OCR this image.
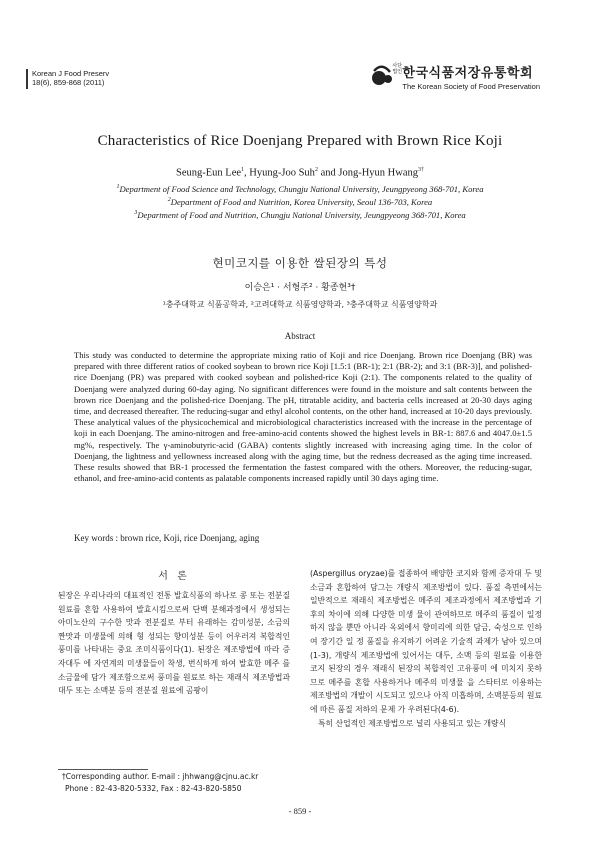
Korean J Food Preserv
18(6), 859-868 (2011)
사단 법인 한국식품저장유통학회
The Korean Society of Food Preservation
Characteristics of Rice Doenjang Prepared with Brown Rice Koji
Seung-Eun Lee$^1$, Hyung-Joo Suh$^2$ and Jong-Hyun Hwang$^{3\dagger}$
$^1$Department of Food Science and Technology, Chungju National University, Jeungpyeong 368-701, Korea
$^2$Department of Food and Nutrition, Korea University, Seoul 136-703, Korea
$^3$Department of Food and Nutrition, Chungju National University, Jeungpyeong 368-701, Korea
현미코지를 이용한 쌀된장의 특성
이승은¹ · 서형주² · 황종현³†
¹충주대학교 식품공학과, ²고려대학교 식품영양학과, ³충주대학교 식품영양학과
Abstract
This study was conducted to determine the appropriate mixing ratio of Koji and rice Doenjang. Brown rice Doenjang (BR) was prepared with three different ratios of cooked soybean to brown rice Koji [1.5:1 (BR-1); 2:1 (BR-2); and 3:1 (BR-3)], and polished-rice Doenjang (PR) was prepared with cooked soybean and polished-rice Koji (2:1). The components related to the quality of Doenjang were analyzed during 60-day aging. No significant differences were found in the moisture and salt contents between the brown rice Doenjang and the polished-rice Doenjang. The pH, titratable acidity, and bacteria cells increased at 20-30 days aging time, and decreased thereafter. The reducing-sugar and ethyl alcohol contents, on the other hand, increased at 10-20 days previously. These analytical values of the physicochemical and microbiological characteristics increased with the increase in the percentage of koji in each Doenjang. The amino-nitrogen and free-amino-acid contents showed the highest levels in BR-1: 887.6 and 4047.0±1.5 mg%, respectively. The γ-aminobutyric-acid (GABA) contents slightly increased with increasing aging time. In the color of Doenjang, the lightness and yellowness increased along with the aging time, but the redness decreased as the aging time increased. These results showed that BR-1 processed the fermentation the fastest compared with the others. Moreover, the reducing-sugar, ethanol, and free-amino-acid contents as palatable components increased rapidly until 30 days aging time.
Key words : brown rice, Koji, rice Doenjang, aging
서 론
된장은 우리나라의 대표적인 전통 발효식품의 하나로 콩 또는 전분질원료를 혼합 사용하여 발효시킴으로써 단백 분해과정에서 생성되는 아미노산의 구수한 맛과 전분질로 부터 유래하는 감미성분, 소금의 짠맛과 미생물에 의해 형 성되는 향미성분 등이 어우러져 복합적인 풍미를 나타내는 중요 조미식품이다(1). 된장은 제조방법에 따라 증자대두 에 자연계의 미생물들이 착생, 번식하게 하여 발효한 메주 를 소금물에 담가 제조함으로써 풍미를 원료로 하는 재래식 제조방법과 대두 또는 소맥분 등의 전분질 원료에 곰팡이
(Aspergillus oryzae)를 접종하여 배양한 코지와 함께 증자대 두 및 소금과 혼합하여 담그는 개량식 제조방법이 있다. 품질 측면에서는 일반적으로 재래식 제조방법은 메주의 제조과정에서 제조방법과 기후의 차이에 의해 다양한 미생 물이 관여하므로 메주의 품질이 일정하지 않을 뿐만 아니라 옥외에서 향미리에 의한 담금, 숙성으로 인하여 장기간 일 정 품질을 유지하기 어려운 기술적 과제가 남아 있으며 (1-3), 개량식 제조방법에 있어서는 대두, 소맥 등의 원료를 이용한 코지 된장의 경우 재래식 된장의 복합적인 고유풍미 에 미치지 못하므로 메주를 혼합 사용하거나 메주의 미생물 을 스타터로 이용하는 제조방법의 개발이 시도되고 있으나 아직 미흡하며, 소맥분등의 원료에 따른 품질 저하의 문제 가 우려된다(4-6).
특히 산업적인 제조방법으로 널리 사용되고 있는 개량식
†Corresponding author. E-mail : jhhwang@cjnu.ac.kr
Phone : 82-43-820-5332, Fax : 82-43-820-5850
- 859 -
